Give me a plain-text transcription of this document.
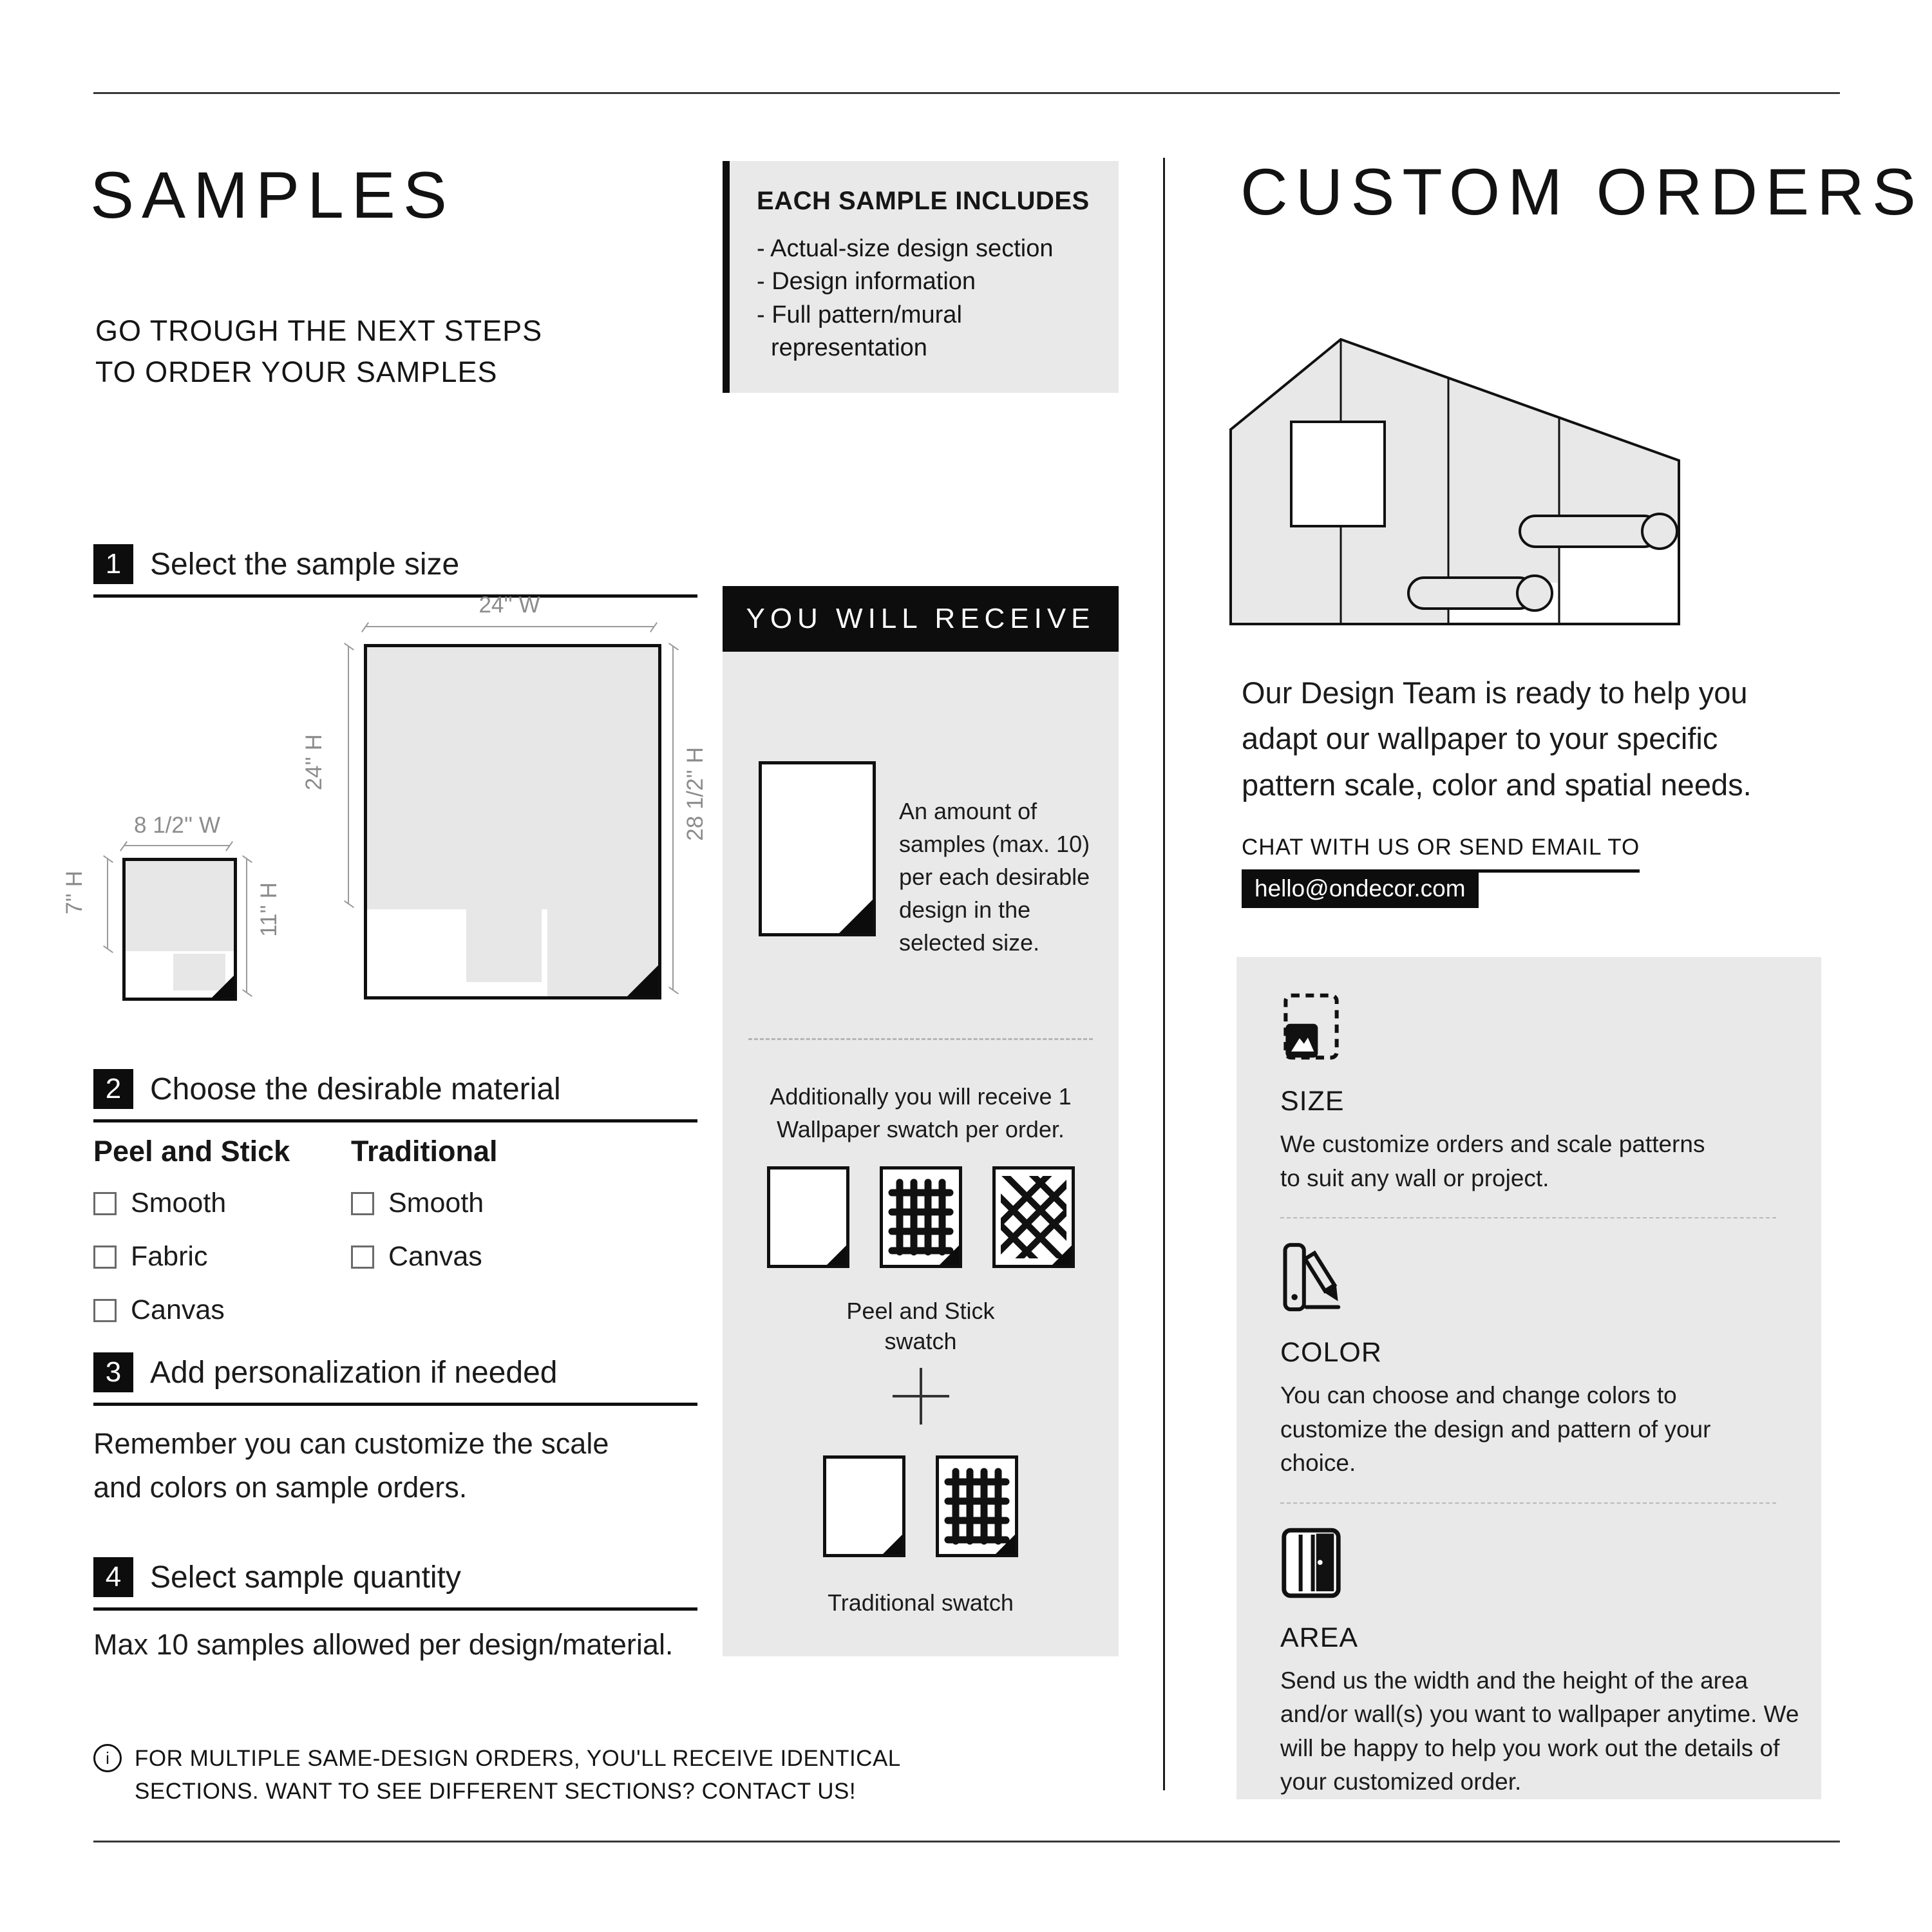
SAMPLES
GO TROUGH THE NEXT STEPS
TO ORDER YOUR SAMPLES
1 Select the sample size
8 1/2'' W
7'' H	11'' H
24'' W
24'' H	28 1/2'' H
2 Choose the desirable material
Peel and Stick
Smooth
Fabric
Canvas
Traditional
Smooth
Canvas
3 Add personalization if needed
Remember you can customize the scale and colors on sample orders.
4 Select sample quantity
Max 10 samples allowed per design/material.
i
FOR MULTIPLE SAME-DESIGN ORDERS, YOU'LL RECEIVE IDENTICAL SECTIONS. WANT TO SEE DIFFERENT SECTIONS? CONTACT US!
EACH SAMPLE INCLUDES
- Actual-size design section
- Design information
- Full pattern/mural representation
YOU WILL RECEIVE
An amount of samples (max. 10) per each desirable design in the selected size.
Additionally you will receive 1 Wallpaper swatch per order.
Peel and Stick swatch
Traditional swatch
CUSTOM ORDERS
Our Design Team is ready to help you adapt our wallpaper to your specific pattern scale, color and spatial needs.
CHAT WITH US OR SEND EMAIL TO
hello@ondecor.com
SIZE
We customize orders and scale patterns to suit any wall or project.
COLOR
You can choose and change colors to customize the design and pattern of your choice.
AREA
Send us the width and the height of the area and/or wall(s) you want to wallpaper anytime. We will be happy to help you work out the details of your customized order.
